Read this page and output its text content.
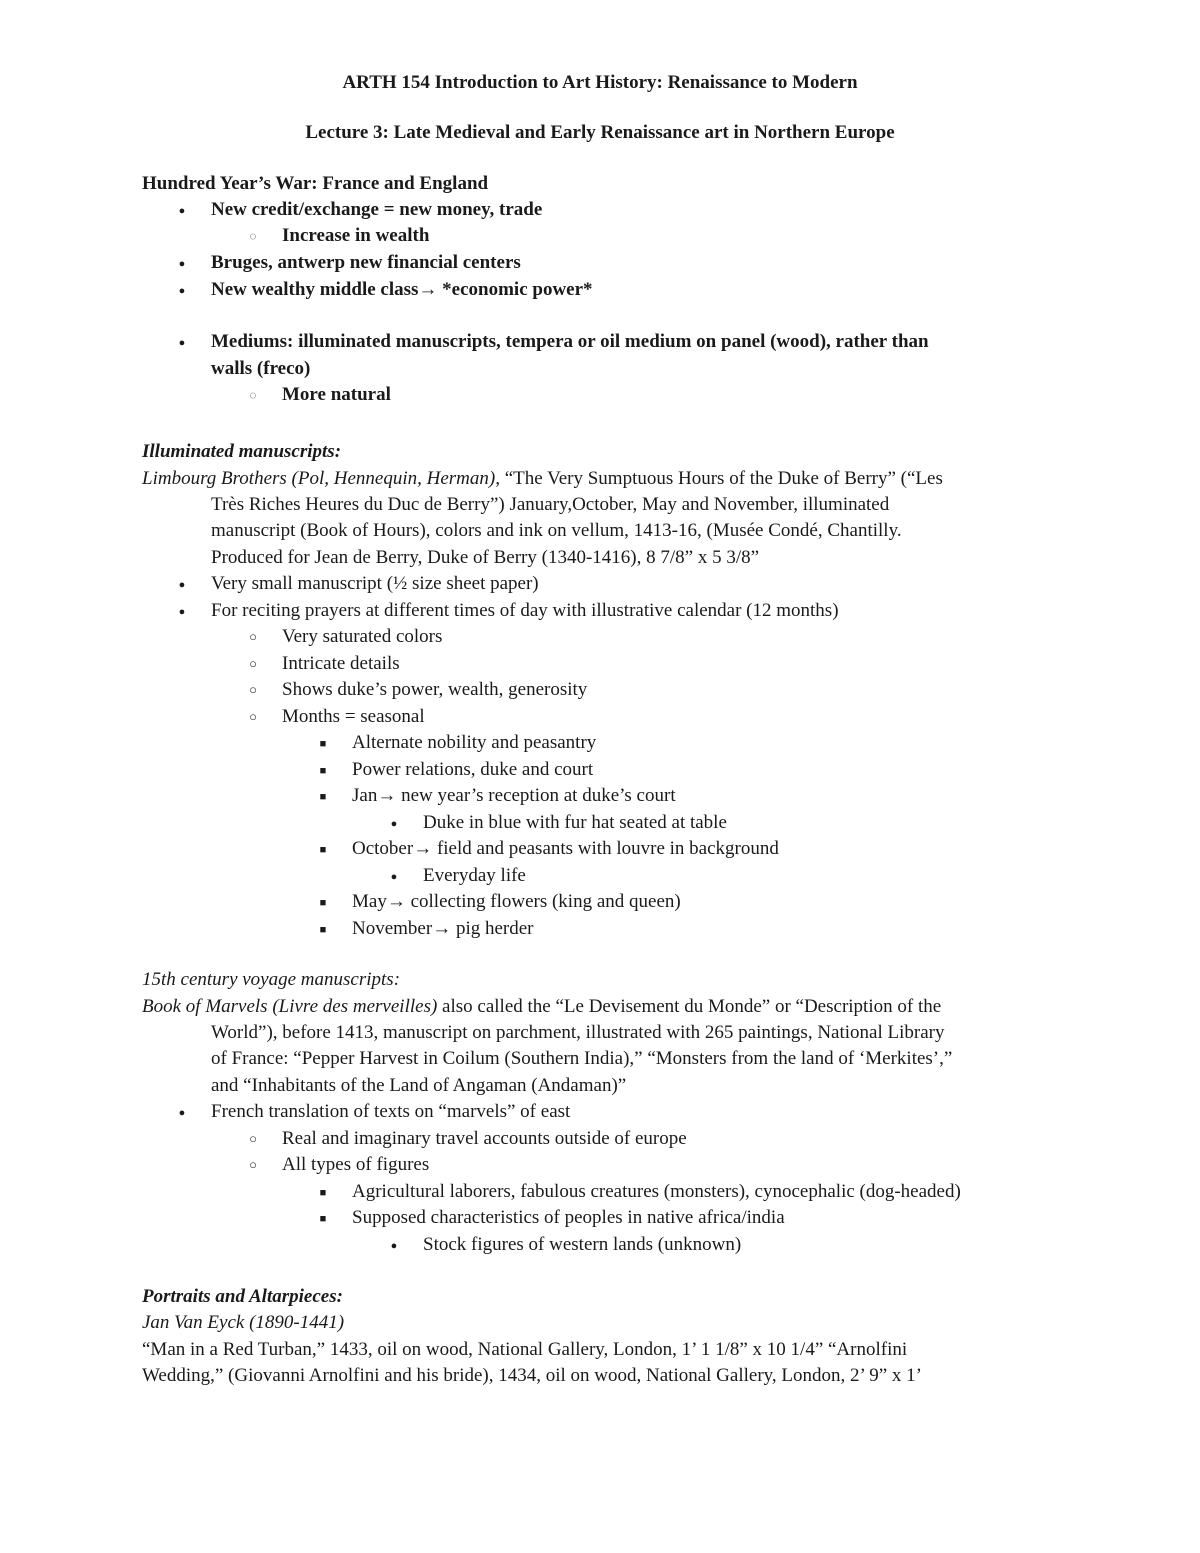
ARTH 154 Introduction to Art History: Renaissance to Modern
Lecture 3: Late Medieval and Early Renaissance art in Northern Europe
Hundred Year’s War: France and England
●
New credit/exchange = new money, trade
◌
Increase in wealth
●
Bruges, antwerp new financial centers
●
New wealthy middle class→ *economic power*
●
Mediums: illuminated manuscripts, tempera or oil medium on panel (wood), rather than
walls (freco)
◌
More natural
Illuminated manuscripts:
Limbourg Brothers (Pol, Hennequin, Herman), “The Very Sumptuous Hours of the Duke of Berry” (“Les
Très Riches Heures du Duc de Berry”) January,October, May and November, illuminated
manuscript (Book of Hours), colors and ink on vellum, 1413-16, (Musée Condé, Chantilly.
Produced for Jean de Berry, Duke of Berry (1340-1416), 8 7/8” x 5 3/8”
●
Very small manuscript (½ size sheet paper)
●
For reciting prayers at different times of day with illustrative calendar (12 months)
○
Very saturated colors
○
Intricate details
○
Shows duke’s power, wealth, generosity
○
Months = seasonal
■
Alternate nobility and peasantry
■
Power relations, duke and court
■
Jan→ new year’s reception at duke’s court
●
Duke in blue with fur hat seated at table
■
October→ field and peasants with louvre in background
●
Everyday life
■
May→ collecting flowers (king and queen)
■
November→ pig herder
15th century voyage manuscripts:
Book of Marvels (Livre des merveilles) also called the “Le Devisement du Monde” or “Description of the
World”), before 1413, manuscript on parchment, illustrated with 265 paintings, National Library
of France: “Pepper Harvest in Coilum (Southern India),” “Monsters from the land of ‘Merkites’,”
and “Inhabitants of the Land of Angaman (Andaman)”
●
French translation of texts on “marvels” of east
○
Real and imaginary travel accounts outside of europe
○
All types of figures
■
Agricultural laborers, fabulous creatures (monsters), cynocephalic (dog-headed)
■
Supposed characteristics of peoples in native africa/india
●
Stock figures of western lands (unknown)
Portraits and Altarpieces:
Jan Van Eyck (1890-1441)
“Man in a Red Turban,” 1433, oil on wood, National Gallery, London, 1’ 1 1/8” x 10 1/4” “Arnolfini
Wedding,” (Giovanni Arnolfini and his bride), 1434, oil on wood, National Gallery, London, 2’ 9” x 1’
